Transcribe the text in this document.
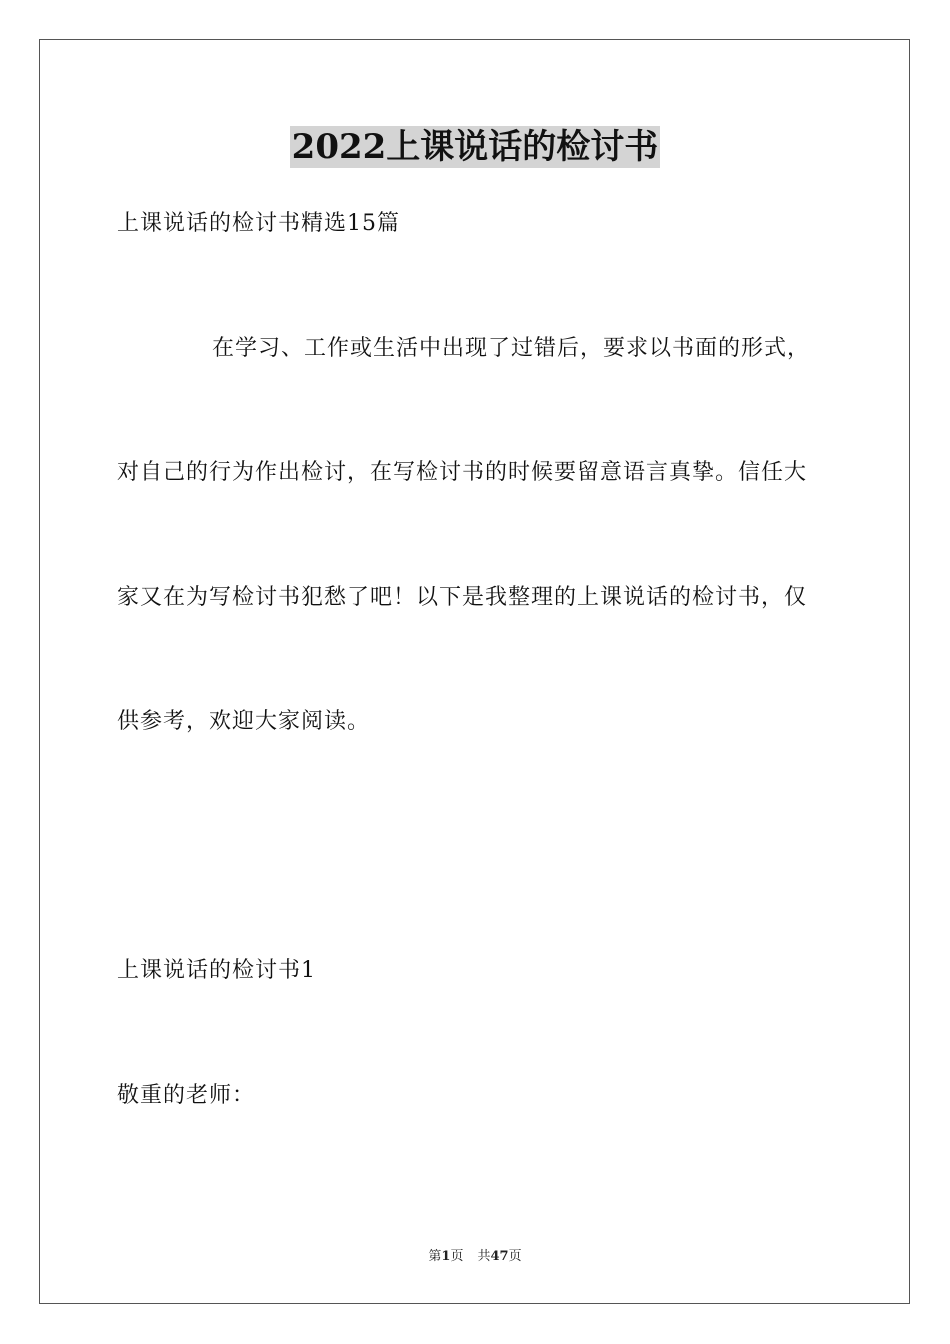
2022上课说话的检讨书
上课说话的检讨书精选15篇
在学习、工作或生活中出现了过错后，要求以书面的形式，
对自己的行为作出检讨，在写检讨书的时候要留意语言真挚。信任大
家又在为写检讨书犯愁了吧！以下是我整理的上课说话的检讨书，仅
供参考，欢迎大家阅读。
上课说话的检讨书1
敬重的老师：
第1页 共47页
